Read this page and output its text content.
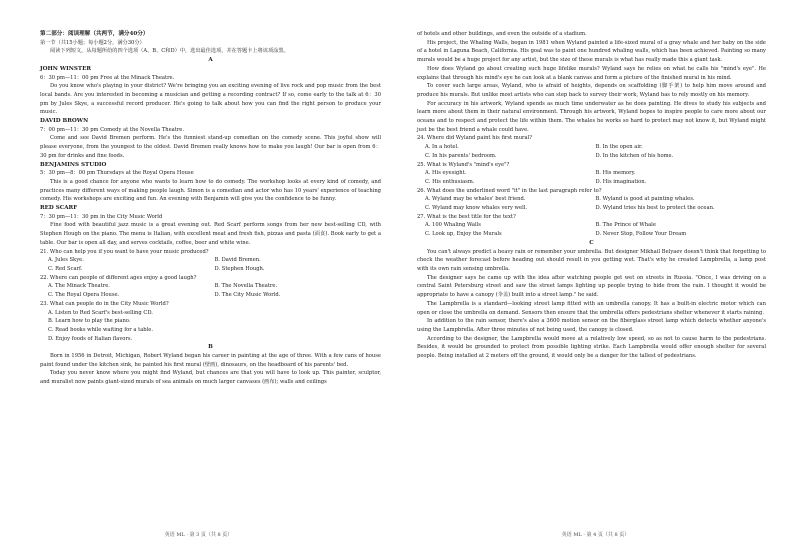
第二部分：阅读理解（共两节，满分40分）
第一节（共15小题；每小题2分，满分30分）

阅读下列短文，从每题所给的四个选项（A、B、C和D）中，选出最佳选项，并在答题卡上将该项涂黑。

A
JOHN WINSTER
6：30 pm—11：00 pm Free at the Minack Theatre.

Do you know who's playing in your district? We're bringing you an exciting evening of live rock and pop music from the best local bands. Are you interested in becoming a musician and getting a recording contract? If so, come early to the talk at 6：30 pm by Jules Skye, a successful record producer. He's going to talk about how you can find the right person to produce your music.

DAVID BROWN
7：00 pm—11：30 pm Comedy at the Novella Theatre.

Come and see David Bremen perform. He's the funniest stand-up comedian on the comedy scene. This joyful show will please everyone, from the youngest to the oldest. David Bremen really knows how to make you laugh! Our bar is open from 6：30 pm for drinks and fine foods.

BENJAMINS STUDIO
5：30 pm—8：00 pm Thursdays at the Royal Opera House

This is a good chance for anyone who wants to learn how to do comedy. The workshop looks at every kind of comedy, and practices many different ways of making people laugh. Simon is a comedian and actor who has 10 years' experience of teaching comedy. His workshops are exciting and fun. An evening with Benjamin will give you the confidence to be funny.

RED SCARF
7：30 pm—11：30 pm in the City Music World

Fine food with beautiful jazz music is a great evening out. Red Scarf perform songs from her new best-selling CD, with Stephen Hough on the piano. The menu is Italian, with excellent meat and fresh fish, pizzas and pasta (面食). Book early to get a table. Our bar is open all day, and serves cocktails, coffee, beer and white wine.

21. Who can help you if you want to have your music produced?
A. Jules Skye.	B. David Bremen.
C. Red Scarf.	D. Stephen Hough.
22. Where can people of different ages enjoy a good laugh?
A. The Minack Theatre.	B. The Novella Theatre.
C. The Royal Opera House.	D. The City Music World.
23. What can people do in the City Music World?
A. Listen to Red Scarf's best-selling CD.
B. Learn how to play the piano.
C. Read books while waiting for a table.
D. Enjoy foods of Italian flavors.
B

Born in 1956 in Detroit, Michigan, Robert Wyland began his career in painting at the age of three. With a few cans of house paint found under the kitchen sink, he painted his first mural (壁画), dinosaurs, on the headboard of his parents' bed.

Today you never know where you might find Wyland, but chances are that you will have to look up. This painter, sculptor, and muralist now paints giant-sized murals of sea animals on much larger canvases (画布); walls and ceilings

英语 ML · 第 3 页（共 8 页）

of hotels and other buildings, and even the outside of a stadium.

His project, the Whaling Walls, began in 1981 when Wyland painted a life-sized mural of a gray whale and her baby on the side of a hotel in Laguna Beach, California. His goal was to paint one hundred whaling walls, which has been achieved. Painting so many murals would be a huge project for any artist, but the size of these murals is what has really made this a giant task.

How does Wyland go about creating such huge lifelike murals? Wyland says he relies on what he calls his "mind's eye". He explains that through his mind's eye he can look at a blank canvas and form a picture of the finished mural in his mind.

To cover such large areas, Wyland, who is afraid of heights, depends on scaffolding (脚手架) to help him move around and produce his murals. But unlike most artists who can step back to survey their work, Wyland has to rely mostly on his memory.

For accuracy in his artwork, Wyland spends as much time underwater as he does painting. He dives to study his subjects and learn more about them in their natural environment. Through his artwork, Wyland hopes to inspire people to care more about our oceans and to respect and protect the life within them. The whales he works so hard to protect may not know it, but Wyland might just be the best friend a whale could have.

24. Where did Wyland paint his first mural?
A. In a hotel.	B. In the open air.
C. In his parents' bedroom.	D. In the kitchen of his home.
25. What is Wyland's "mind's eye"?
A. His eyesight.	B. His memory.
C. His enthusiasm.	D. His imagination.
26. What does the underlined word "it" in the last paragraph refer to?
A. Wyland may be whales' best friend.	B. Wyland is good at painting whales.
C. Wyland may know whales very well.	D. Wyland tries his best to protect the ocean.
27. What is the best title for the text?
A. 100 Whaling Walls	B. The Prince of Whale
C. Look up, Enjoy the Murals	D. Never Stop, Follow Your Dream
C

You can't always predict a heavy rain or remember your umbrella. But designer Mikhail Belyaev doesn't think that forgetting to check the weather forecast before heading out should result in you getting wet. That's why he created Lampbrella, a lamp post with its own rain sensing umbrella.

The designer says he came up with the idea after watching people get wet on streets in Russia. "Once, I was driving on a central Saint Petersburg street and saw the street lamps lighting up people trying to hide from the rain. I thought it would be appropriate to have a canopy (伞盖) built into a street lamp." he said.

The Lampbrella is a standard—looking street lamp fitted with an umbrella canopy. It has a built-in electric motor which can open or close the umbrella on demand. Sensors then ensure that the umbrella offers pedestrians shelter whenever it starts raining.

In addition to the rain sensor, there's also a 3600 motion sensor on the fiberglass street lamp which detects whether anyone's using the Lampbrella. After three minutes of not being used, the canopy is closed.

According to the designer, the Lampbrella would move at a relatively low speed, so as not to cause harm to the pedestrians. Besides, it would be grounded to protect from possible lighting strike. Each Lampbrella would offer enough shelter for several people. Being installed at 2 meters off the ground, it would only be a danger for the tallest of pedestrians.

英语 ML · 第 4 页（共 8 页）
